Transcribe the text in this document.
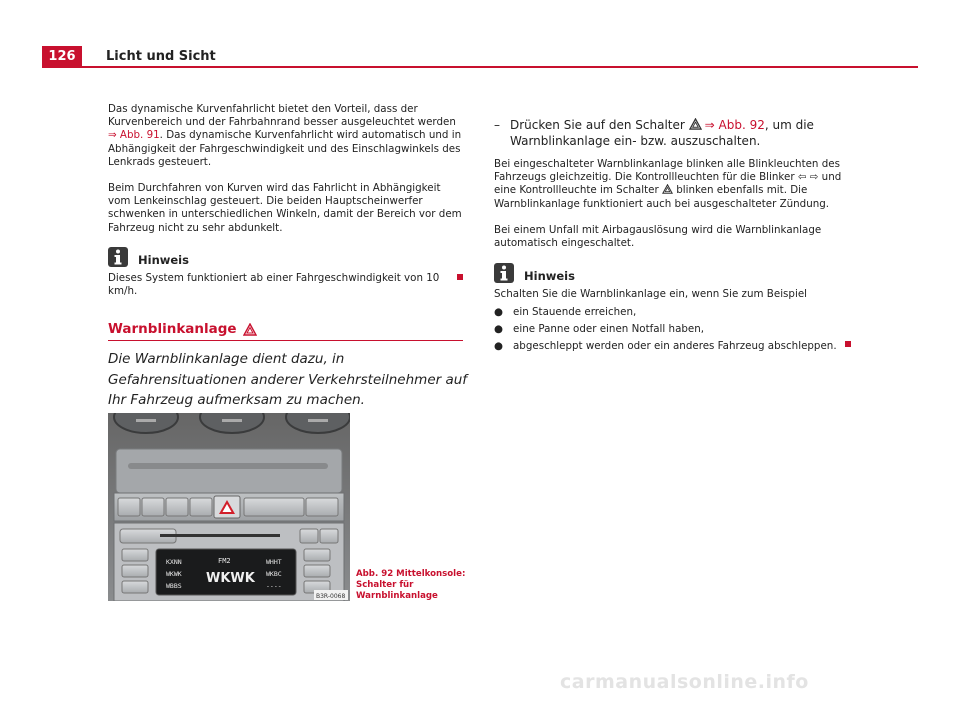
126	Licht und Sicht

Das dynamische Kurvenfahrlicht bietet den Vorteil, dass der Kurvenbereich und der Fahrbahnrand besser ausgeleuchtet werden ⇒ Abb. 91. Das dynamische Kurvenfahrlicht wird automatisch und in Abhängigkeit der Fahrgeschwindigkeit und des Einschlagwinkels des Lenkrads gesteuert.

Beim Durchfahren von Kurven wird das Fahrlicht in Abhängigkeit vom Lenkeinschlag gesteuert. Die beiden Hauptscheinwerfer schwenken in unterschiedlichen Winkeln, damit der Bereich vor dem Fahrzeug nicht zu sehr abdunkelt.

Hinweis

Dieses System funktioniert ab einer Fahrgeschwindigkeit von 10 km/h.

Warnblinkanlage
Die Warnblinkanlage dient dazu, in Gefahrensituationen anderer Verkehrsteilnehmer auf Ihr Fahrzeug aufmerksam zu machen.
KXNN
WKWK
WBBS
FM2
WKWK
WHHT
WKBC
----
B3R-0068
Abb. 92 Mittelkonsole: Schalter für Warnblinkanlage
– Drücken Sie auf den Schalter ⇒ Abb. 92, um die Warnblinkanlage ein- bzw. auszuschalten.

Bei eingeschalteter Warnblinkanlage blinken alle Blinkleuchten des Fahrzeugs gleichzeitig. Die Kontrollleuchten für die Blinker ⇦ ⇨ und eine Kontrollleuchte im Schalter  blinken ebenfalls mit. Die Warnblinkanlage funktioniert auch bei ausgeschalteter Zündung.

Bei einem Unfall mit Airbagauslösung wird die Warnblinkanlage automatisch eingeschaltet.

Hinweis

Schalten Sie die Warnblinkanlage ein, wenn Sie zum Beispiel

● ein Stauende erreichen,
● eine Panne oder einen Notfall haben,
● abgeschleppt werden oder ein anderes Fahrzeug abschleppen.
carmanualsonline.info
